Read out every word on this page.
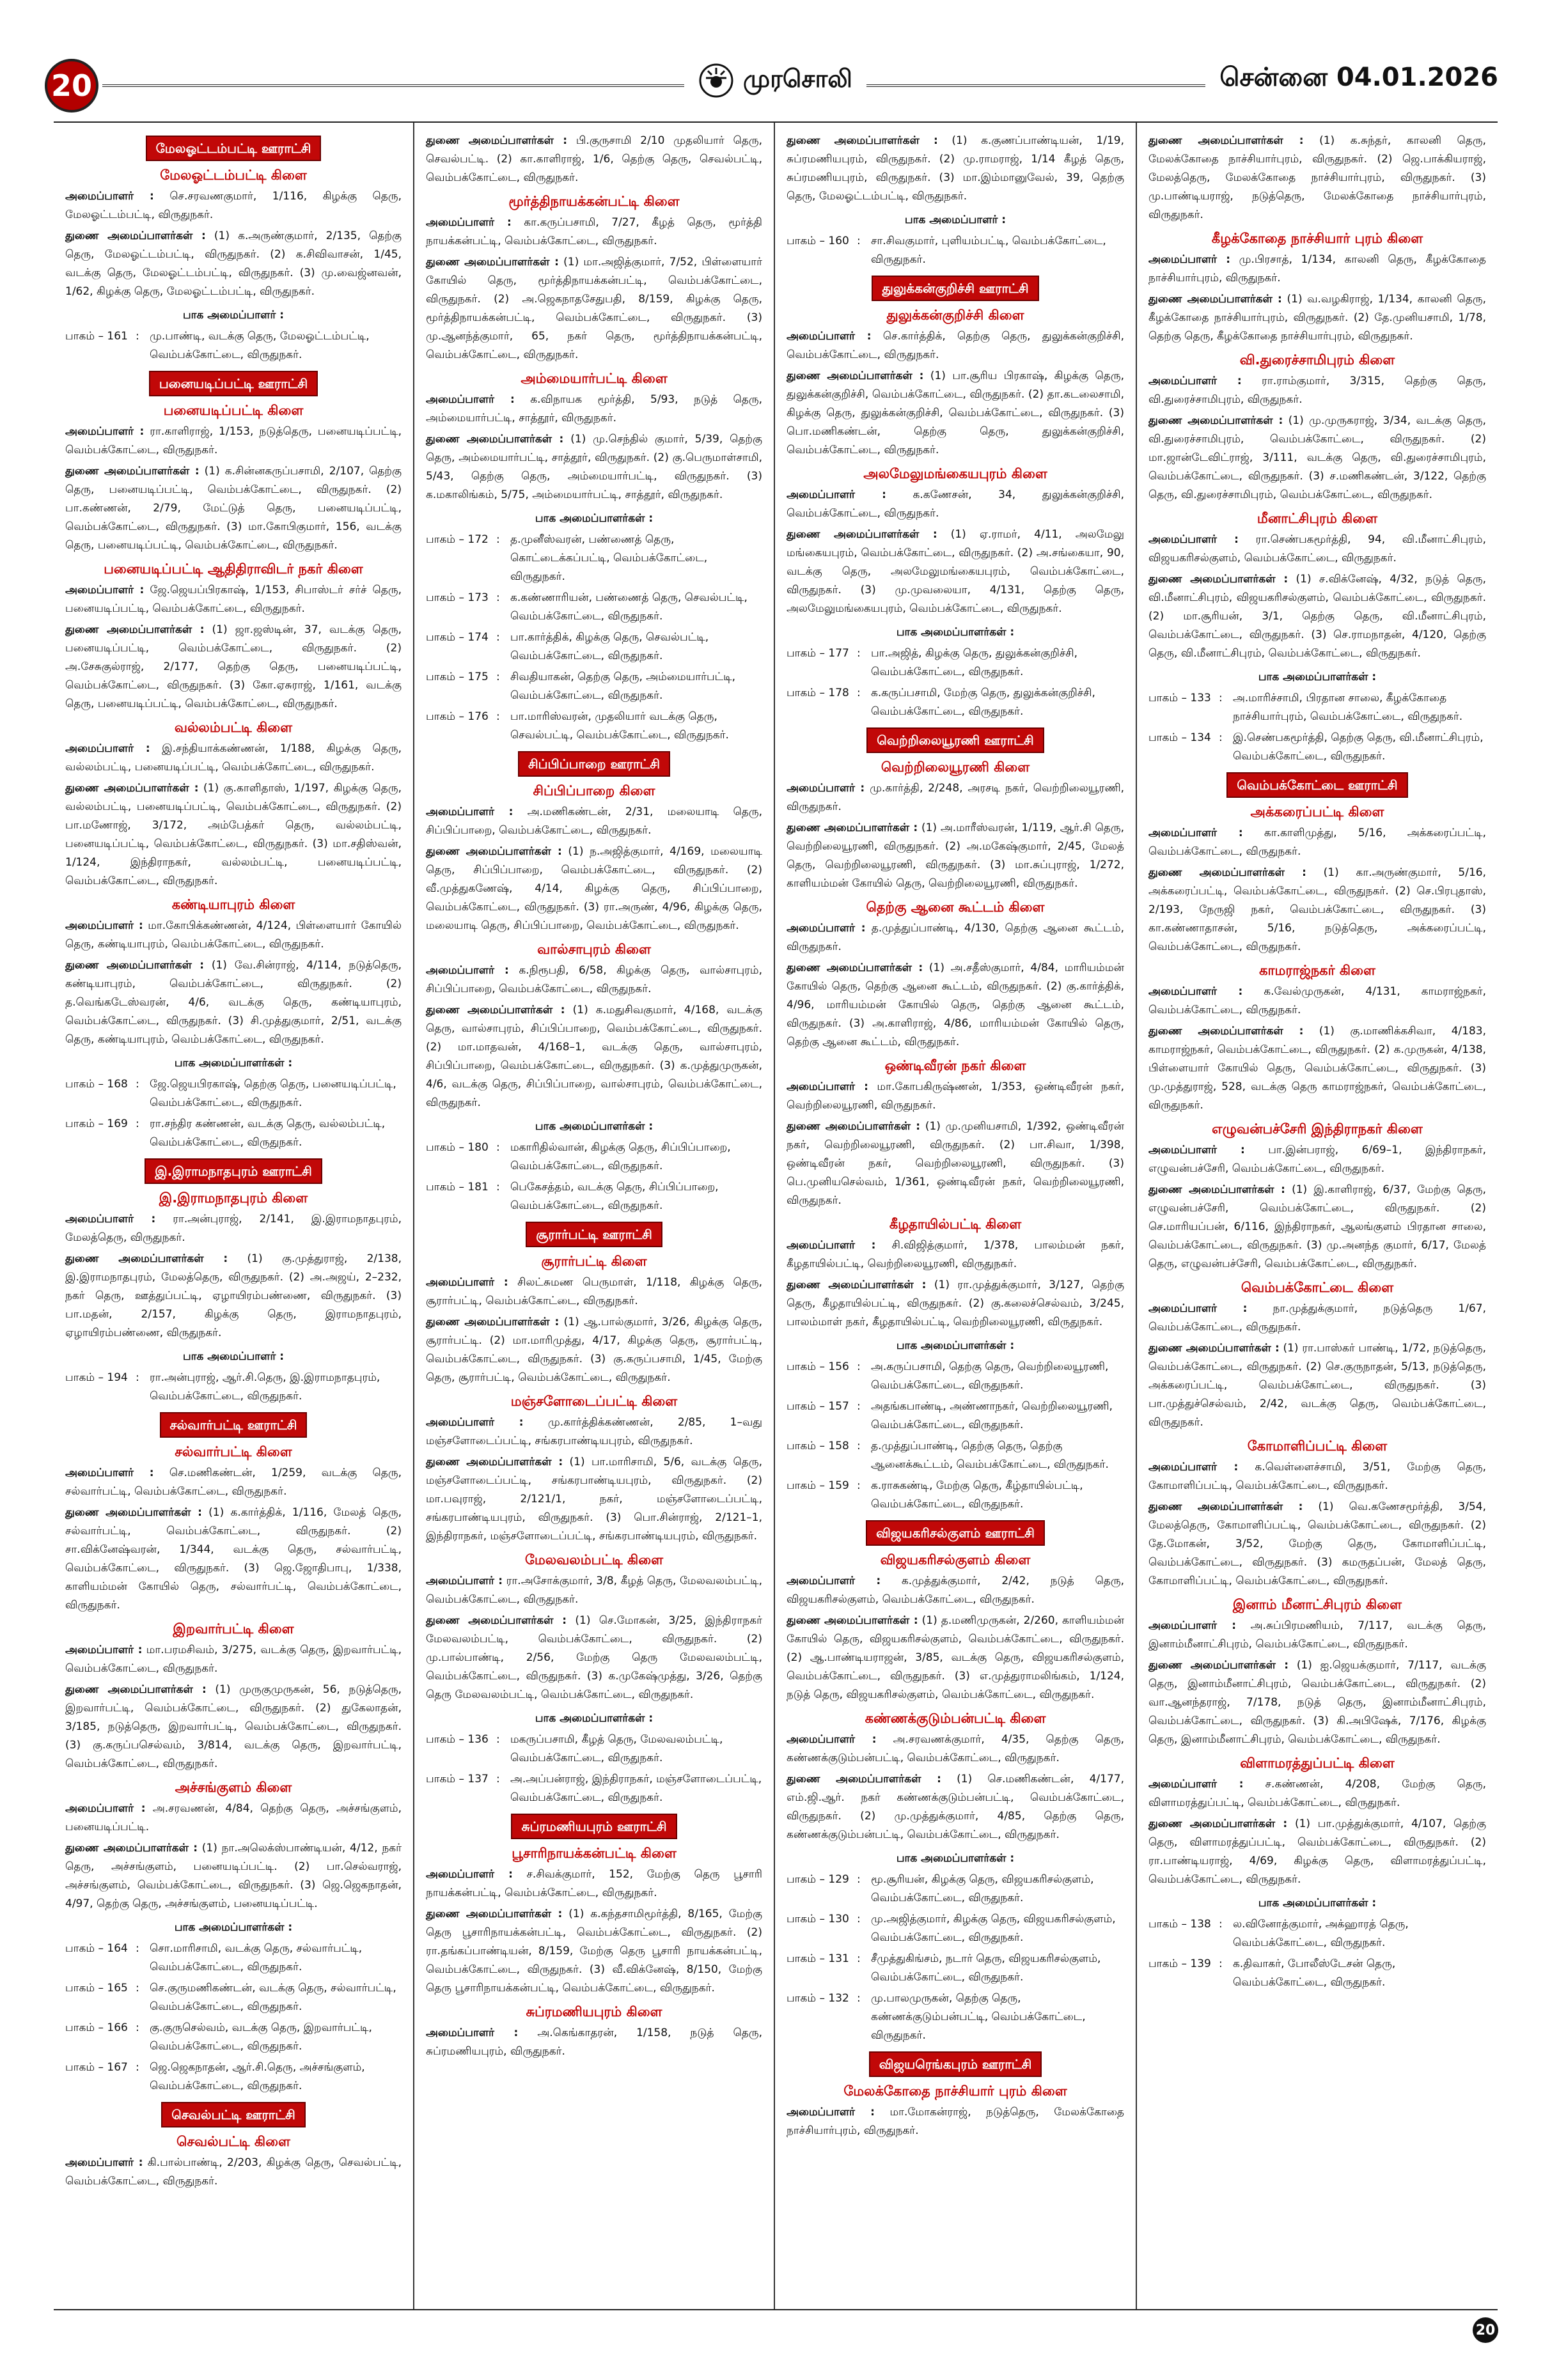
20	முரசொலி	சென்னை 04.01.2026
மேலஓட்டம்பட்டி ஊராட்சி
மேலஓட்டம்பட்டி கிளை
அமைப்பாளர் : செ.சரவணகுமார், 1/116, கிழக்கு தெரு, மேலஓட்டம்பட்டி, விருதுநகர்.
துணை அமைப்பாளர்கள் : (1) க.அருண்குமார், 2/135, தெற்கு தெரு, மேலஓட்டம்பட்டி, விருதுநகர். (2) க.சிவிவாசன், 1/45, வடக்கு தெரு, மேலஓட்டம்பட்டி, விருதுநகர். (3) மு.வைஜ்னவன், 1/62, கிழக்கு தெரு, மேலஓட்டம்பட்டி, விருதுநகர்.
பாக அமைப்பாளர் :
பாகம் – 161 : மு.பாண்டி, வடக்கு தெரு, மேலஓட்டம்பட்டி, வெம்பக்கோட்டை, விருதுநகர்.
பனையடிப்பட்டி ஊராட்சி
பனையடிப்பட்டி கிளை
அமைப்பாளர் : ரா.காளிராஜ், 1/153, நடுத்தெரு, பனையடிப்பட்டி, வெம்பக்கோட்டை, விருதுநகர்.
துணை அமைப்பாளர்கள் : (1) க.சின்னகருப்பசாமி, 2/107, தெற்கு தெரு, பனையடிப்பட்டி, வெம்பக்கோட்டை, விருதுநகர். (2) பா.கண்ணன், 2/79, மேட்டுத் தெரு, பனையடிப்பட்டி, வெம்பக்கோட்டை, விருதுநகர். (3) மா.கோபிகுமார், 156, வடக்கு தெரு, பனையடிப்பட்டி, வெம்பக்கோட்டை, விருதுநகர்.
பனையடிப்பட்டி ஆதிதிராவிடர் நகர் கிளை
அமைப்பாளர் : ஜே.ஜெயப்பிரகாஷ், 1/153, சிபாஸ்டர் சர்ச் தெரு, பனையடிப்பட்டி, வெம்பக்கோட்டை, விருதுநகர்.
துணை அமைப்பாளர்கள் : (1) ஜா.ஜஸ்டின், 37, வடக்கு தெரு, பனையடிப்பட்டி, வெம்பக்கோட்டை, விருதுநகர். (2) அ.சேசுகுல்ராஜ், 2/177, தெற்கு தெரு, பனையடிப்பட்டி, வெம்பக்கோட்டை, விருதுநகர். (3) கோ.ஏசுராஜ், 1/161, வடக்கு தெரு, பனையடிப்பட்டி, வெம்பக்கோட்டை, விருதுநகர்.
வல்லம்பட்டி கிளை
அமைப்பாளர் : இ.சந்தியாக்கண்ணன், 1/188, கிழக்கு தெரு, வல்லம்பட்டி, பனையடிப்பட்டி, வெம்பக்கோட்டை, விருதுநகர்.
துணை அமைப்பாளர்கள் : (1) கு.காளிதாஸ், 1/197, கிழக்கு தெரு, வல்லம்பட்டி, பனையடிப்பட்டி, வெம்பக்கோட்டை, விருதுநகர். (2) பா.மணோஜ், 3/172, அம்பேத்கர் தெரு, வல்லம்பட்டி, பனையடிப்பட்டி, வெம்பக்கோட்டை, விருதுநகர். (3) மா.சதிஸ்வன், 1/124, இந்திராநகர், வல்லம்பட்டி, பனையடிப்பட்டி, வெம்பக்கோட்டை, விருதுநகர்.
கண்டியாபுரம் கிளை
அமைப்பாளர் : மா.கோபிக்கண்ணன், 4/124, பிள்ளையார் கோயில் தெரு, கண்டியாபுரம், வெம்பக்கோட்டை, விருதுநகர்.
துணை அமைப்பாளர்கள் : (1) வே.சின்ராஜ், 4/114, நடுத்தெரு, கண்டியாபுரம், வெம்பக்கோட்டை, விருதுநகர். (2) த.வெங்கடேஸ்வரன், 4/6, வடக்கு தெரு, கண்டியாபுரம், வெம்பக்கோட்டை, விருதுநகர். (3) சி.முத்துகுமார், 2/51, வடக்கு தெரு, கண்டியாபுரம், வெம்பக்கோட்டை, விருதுநகர்.
பாக அமைப்பாளர்கள் :
பாகம் – 168 : ஜே.ஜெயபிரகாஷ், தெற்கு தெரு, பனையடிப்பட்டி, வெம்பக்கோட்டை, விருதுநகர்.
பாகம் – 169 : ரா.சந்திர கண்ணன், வடக்கு தெரு, வல்லம்பட்டி, வெம்பக்கோட்டை, விருதுநகர்.
இ.இராமநாதபுரம் ஊராட்சி
இ.இராமநாதபுரம் கிளை
அமைப்பாளர் : ரா.அன்புராஜ், 2/141, இ.இராமநாதபுரம், மேலத்தெரு, விருதுநகர்.
துணை அமைப்பாளர்கள் : (1) கு.முத்துராஜ், 2/138, இ.இராமநாதபுரம், மேலத்தெரு, விருதுநகர். (2) அ.அஜய், 2–232, நகர் தெரு, ஊத்துப்பட்டி, ஏழாயிரம்பண்ணை, விருதுநகர். (3) பா.மதன், 2/157, கிழக்கு தெரு, இராமநாதபுரம், ஏழாயிரம்பண்ணை, விருதுநகர்.
பாக அமைப்பாளர் :
பாகம் – 194 : ரா.அன்புராஜ், ஆர்.சி.தெரு, இ.இராமநாதபுரம், வெம்பக்கோட்டை, விருதுநகர்.
சல்வார்பட்டி ஊராட்சி
சல்வார்பட்டி கிளை
அமைப்பாளர் : செ.மணிகண்டன், 1/259, வடக்கு தெரு, சல்வார்பட்டி, வெம்பக்கோட்டை, விருதுநகர்.
துணை அமைப்பாளர்கள் : (1) க.கார்த்திக், 1/116, மேலத் தெரு, சல்வார்பட்டி, வெம்பக்கோட்டை, விருதுநகர். (2) சா.விக்னேஷ்வரன், 1/344, வடக்கு தெரு, சல்வார்பட்டி, வெம்பக்கோட்டை, விருதுநகர். (3) ஜெ.ஜோதிபாபு, 1/338, காளியம்மன் கோயில் தெரு, சல்வார்பட்டி, வெம்பக்கோட்டை, விருதுநகர்.
இறவார்பட்டி கிளை
அமைப்பாளர் : மா.பரமசிவம், 3/275, வடக்கு தெரு, இறவார்பட்டி, வெம்பக்கோட்டை, விருதுநகர்.
துணை அமைப்பாளர்கள் : (1) முருகுமுருகன், 56, நடுத்தெரு, இறவார்பட்டி, வெம்பக்கோட்டை, விருதுநகர். (2) துகேலாதன், 3/185, நடுத்தெரு, இறவார்பட்டி, வெம்பக்கோட்டை, விருதுநகர். (3) கு.கருப்பசெல்வம், 3/814, வடக்கு தெரு, இறவார்பட்டி, வெம்பக்கோட்டை, விருதுநகர்.
அச்சங்குளம் கிளை
அமைப்பாளர் : அ.சரவணன், 4/84, தெற்கு தெரு, அச்சங்குளம், பனையடிப்பட்டி.
துணை அமைப்பாளர்கள் : (1) நா.அலெக்ஸ்பாண்டியன், 4/12, நகர் தெரு, அச்சங்குளம், பனையடிப்பட்டி. (2) பா.செல்வராஜ், அச்சங்குளம், வெம்பக்கோட்டை, விருதுநகர். (3) ஜெ.ஜெகநாதன், 4/97, தெற்கு தெரு, அச்சங்குளம், பனையடிப்பட்டி.
பாக அமைப்பாளர்கள் :
பாகம் – 164 : சொ.மாரிசாமி, வடக்கு தெரு, சல்வார்பட்டி, வெம்பக்கோட்டை, விருதுநகர்.
பாகம் – 165 : செ.குருமணிகண்டன், வடக்கு தெரு, சல்வார்பட்டி, வெம்பக்கோட்டை, விருதுநகர்.
பாகம் – 166 : கு.குருசெல்வம், வடக்கு தெரு, இறவார்பட்டி, வெம்பக்கோட்டை, விருதுநகர்.
பாகம் – 167 : ஜெ.ஜெகநாதன், ஆர்.சி.தெரு, அச்சங்குளம், வெம்பக்கோட்டை, விருதுநகர்.
செவல்பட்டி ஊராட்சி
செவல்பட்டி கிளை
அமைப்பாளர் : கி.பால்பாண்டி, 2/203, கிழக்கு தெரு, செவல்பட்டி, வெம்பக்கோட்டை, விருதுநகர்.
துணை அமைப்பாளர்கள் : பி.குருசாமி 2/10 முதலியார் தெரு, செவல்பட்டி. (2) கா.காளிராஜ், 1/6, தெற்கு தெரு, செவல்பட்டி, வெம்பக்கோட்டை, விருதுநகர்.
மூர்த்திநாயக்கன்பட்டி கிளை
அமைப்பாளர் : கா.கருப்பசாமி, 7/27, கீழத் தெரு, மூர்த்தி நாயக்கன்பட்டி, வெம்பக்கோட்டை, விருதுநகர்.
துணை அமைப்பாளர்கள் : (1) மா.அஜித்குமார், 7/52, பிள்ளையார் கோயில் தெரு, மூர்த்திநாயக்கன்பட்டி, வெம்பக்கோட்டை, விருதுநகர். (2) அ.ஜெகநாதசேதுபதி, 8/159, கிழக்கு தெரு, மூர்த்திநாயக்கன்பட்டி, வெம்பக்கோட்டை, விருதுநகர். (3) மு.ஆனந்த்குமார், 65, நகர் தெரு, மூர்த்திநாயக்கன்பட்டி, வெம்பக்கோட்டை, விருதுநகர்.
அம்மையார்பட்டி கிளை
அமைப்பாளர் : க.விநாயக மூர்த்தி, 5/93, நடுத் தெரு, அம்மையார்பட்டி, சாத்தூர், விருதுநகர்.
துணை அமைப்பாளர்கள் : (1) மு.செந்தில் குமார், 5/39, தெற்கு தெரு, அம்மையார்பட்டி, சாத்தூர், விருதுநகர். (2) கு.பெருமாள்சாமி, 5/43, தெற்கு தெரு, அம்மையார்பட்டி, விருதுநகர். (3) க.மகாலிங்கம், 5/75, அம்மையார்பட்டி, சாத்தூர், விருதுநகர்.
பாக அமைப்பாளர்கள் :
பாகம் – 172 : த.முனீஸ்வரன், பண்ணைத் தெரு, கொட்டைக்கப்பட்டி, வெம்பக்கோட்டை, விருதுநகர்.
பாகம் – 173 : க.கண்ணாரியன், பண்ணைத் தெரு, செவல்பட்டி, வெம்பக்கோட்டை, விருதுநகர்.
பாகம் – 174 : பா.கார்த்திக், கிழக்கு தெரு, செவல்பட்டி, வெம்பக்கோட்டை, விருதுநகர்.
பாகம் – 175 : சிவதியாகன், தெற்கு தெரு, அம்மையார்பட்டி, வெம்பக்கோட்டை, விருதுநகர்.
பாகம் – 176 : பா.மாரிஸ்வரன், முதலியார் வடக்கு தெரு, செவல்பட்டி, வெம்பக்கோட்டை, விருதுநகர்.
சிப்பிப்பாறை ஊராட்சி
சிப்பிப்பாறை கிளை
அமைப்பாளர் : அ.மணிகண்டன், 2/31, மலையாடி தெரு, சிப்பிப்பாறை, வெம்பக்கோட்டை, விருதுநகர்.
துணை அமைப்பாளர்கள் : (1) ந.அஜித்குமார், 4/169, மலையாடி தெரு, சிப்பிப்பாறை, வெம்பக்கோட்டை, விருதுநகர். (2) வீ.முத்துகணேஷ், 4/14, கிழக்கு தெரு, சிப்பிப்பாறை, வெம்பக்கோட்டை, விருதுநகர். (3) ரா.அருண், 4/96, கிழக்கு தெரு, மலையாடி தெரு, சிப்பிப்பாறை, வெம்பக்கோட்டை, விருதுநகர்.
வால்சாபுரம் கிளை
அமைப்பாளர் : க.நிரூபதி, 6/58, கிழக்கு தெரு, வால்சாபுரம், சிப்பிப்பாறை, வெம்பக்கோட்டை, விருதுநகர்.
துணை அமைப்பாளர்கள் : (1) க.மதுசிவகுமார், 4/168, வடக்கு தெரு, வால்சாபுரம், சிப்பிப்பாறை, வெம்பக்கோட்டை, விருதுநகர். (2) மா.மாதவன், 4/168–1, வடக்கு தெரு, வால்சாபுரம், சிப்பிப்பாறை, வெம்பக்கோட்டை, விருதுநகர். (3) க.முத்துமுருகன், 4/6, வடக்கு தெரு, சிப்பிப்பாறை, வால்சாபுரம், வெம்பக்கோட்டை, விருதுநகர்.
பாக அமைப்பாளர்கள் :
பாகம் – 180 : மகாரிதில்வான், கிழக்கு தெரு, சிப்பிப்பாறை, வெம்பக்கோட்டை, விருதுநகர்.
பாகம் – 181 : பெகேசத்தம், வடக்கு தெரு, சிப்பிப்பாறை, வெம்பக்கோட்டை, விருதுநகர்.
சூரார்பட்டி ஊராட்சி
சூரார்பட்டி கிளை
அமைப்பாளர் : சிலட்சுமண பெருமாள், 1/118, கிழக்கு தெரு, சூரார்பட்டி, வெம்பக்கோட்டை, விருதுநகர்.
துணை அமைப்பாளர்கள் : (1) ஆ.பால்குமார், 3/26, கிழக்கு தெரு, சூரார்பட்டி. (2) மா.மாரிமுத்து, 4/17, கிழக்கு தெரு, சூரார்பட்டி, வெம்பக்கோட்டை, விருதுநகர். (3) கு.கருப்பசாமி, 1/45, மேற்கு தெரு, சூரார்பட்டி, வெம்பக்கோட்டை, விருதுநகர்.
மஞ்சளோடைப்பட்டி கிளை
அமைப்பாளர் : மு.கார்த்திக்கண்ணன், 2/85, 1–வது மஞ்சளோடைப்பட்டி, சங்கரபாண்டியபுரம், விருதுநகர்.
துணை அமைப்பாளர்கள் : (1) பா.மாரிசாமி, 5/6, வடக்கு தெரு, மஞ்சளோடைப்பட்டி, சங்கரபாண்டியபுரம், விருதுநகர். (2) மா.பவுராஜ், 2/121/1, நகர், மஞ்சளோடைப்பட்டி, சங்கரபாண்டியபுரம், விருதுநகர். (3) பொ.சின்ராஜ், 2/121–1, இந்திராநகர், மஞ்சளோடைப்பட்டி, சங்கரபாண்டியபுரம், விருதுநகர்.
மேலவலம்பட்டி கிளை
அமைப்பாளர் : ரா.அசோக்குமார், 3/8, கீழத் தெரு, மேலவலம்பட்டி, வெம்பக்கோட்டை, விருதுநகர்.
துணை அமைப்பாளர்கள் : (1) செ.மோகன், 3/25, இந்திராநகர் மேலவலம்பட்டி, வெம்பக்கோட்டை, விருதுநகர். (2) மு.பால்பாண்டி, 2/56, மேற்கு தெரு மேலவலம்பட்டி, வெம்பக்கோட்டை, விருதுநகர். (3) க.முகேஷ்முத்து, 3/26, தெற்கு தெரு மேலவலம்பட்டி, வெம்பக்கோட்டை, விருதுநகர்.
பாக அமைப்பாளர்கள் :
பாகம் – 136 : மகருப்பசாமி, கீழத் தெரு, மேலவலம்பட்டி, வெம்பக்கோட்டை, விருதுநகர்.
பாகம் – 137 : அ.அப்பன்ராஜ், இந்திராநகர், மஞ்சளோடைப்பட்டி, வெம்பக்கோட்டை, விருதுநகர்.
சுப்ரமணியபுரம் ஊராட்சி
பூசாரிநாயக்கன்பட்டி கிளை
அமைப்பாளர் : ச.சிவக்குமார், 152, மேற்கு தெரு பூசாரி நாயக்கன்பட்டி, வெம்பக்கோட்டை, விருதுநகர்.
துணை அமைப்பாளர்கள் : (1) க.கந்தசாமிமூர்த்தி, 8/165, மேற்கு தெரு பூசாரிநாயக்கன்பட்டி, வெம்பக்கோட்டை, விருதுநகர். (2) ரா.தங்கப்பாண்டியன், 8/159, மேற்கு தெரு பூசாரி நாயக்கன்பட்டி, வெம்பக்கோட்டை, விருதுநகர். (3) வீ.விக்னேஷ், 8/150, மேற்கு தெரு பூசாரிநாயக்கன்பட்டி, வெம்பக்கோட்டை, விருதுநகர்.
சுப்ரமணியபுரம் கிளை
அமைப்பாளர் : அ.கெங்காதரன், 1/158, நடுத் தெரு, சுப்ரமணியபுரம், விருதுநகர்.
துணை அமைப்பாளர்கள் : (1) க.குணப்பாண்டியன், 1/19, சுப்ரமணியபுரம், விருதுநகர். (2) மு.ராமராஜ், 1/14 கீழத் தெரு, சுப்ரமணியபுரம், விருதுநகர். (3) மா.இம்மானுவேல், 39, தெற்கு தெரு, மேலஓட்டம்பட்டி, விருதுநகர்.
பாக அமைப்பாளர் :
பாகம் – 160 : சா.சிவகுமார், புளியம்பட்டி, வெம்பக்கோட்டை, விருதுநகர்.
துலுக்கன்குறிச்சி ஊராட்சி
துலுக்கன்குறிச்சி கிளை
அமைப்பாளர் : செ.கார்த்திக், தெற்கு தெரு, துலுக்கன்குறிச்சி, வெம்பக்கோட்டை, விருதுநகர்.
துணை அமைப்பாளர்கள் : (1) பா.சூரிய பிரகாஷ், கிழக்கு தெரு, துலுக்கன்குறிச்சி, வெம்பக்கோட்டை, விருதுநகர். (2) தா.கடலைசாமி, கிழக்கு தெரு, துலுக்கன்குறிச்சி, வெம்பக்கோட்டை, விருதுநகர். (3) பொ.மணிகண்டன், தெற்கு தெரு, துலுக்கன்குறிச்சி, வெம்பக்கோட்டை, விருதுநகர்.
அலமேலுமங்கையபுரம் கிளை
அமைப்பாளர் : க.கணேசன், 34, துலுக்கன்குறிச்சி, வெம்பக்கோட்டை, விருதுநகர்.
துணை அமைப்பாளர்கள் : (1) ஏ.ராமர், 4/11, அலமேலு மங்கையபுரம், வெம்பக்கோட்டை, விருதுநகர். (2) அ.சங்கையா, 90, வடக்கு தெரு, அலமேலுமங்கையபுரம், வெம்பக்கோட்டை, விருதுநகர். (3) மு.முவலையா, 4/131, தெற்கு தெரு, அலமேலுமங்கையபுரம், வெம்பக்கோட்டை, விருதுநகர்.
பாக அமைப்பாளர்கள் :
பாகம் – 177 : பா.அஜித், கிழக்கு தெரு, துலுக்கன்குறிச்சி, வெம்பக்கோட்டை, விருதுநகர்.
பாகம் – 178 : க.கருப்பசாமி, மேற்கு தெரு, துலுக்கன்குறிச்சி, வெம்பக்கோட்டை, விருதுநகர்.
வெற்றிலையூரணி ஊராட்சி
வெற்றிலையூரணி கிளை
அமைப்பாளர் : மு.கார்த்தி, 2/248, அரசடி நகர், வெற்றிலையூரணி, விருதுநகர்.
துணை அமைப்பாளர்கள் : (1) அ.மாரீஸ்வரன், 1/119, ஆர்.சி தெரு, வெற்றிலையூரணி, விருதுநகர். (2) அ.மகேஷ்குமார், 2/45, மேலத் தெரு, வெற்றிலையூரணி, விருதுநகர். (3) மா.சுப்புராஜ், 1/272, காளியம்மன் கோயில் தெரு, வெற்றிலையூரணி, விருதுநகர்.
தெற்கு ஆனை கூட்டம் கிளை
அமைப்பாளர் : த.முத்துப்பாண்டி, 4/130, தெற்கு ஆனை கூட்டம், விருதுநகர்.
துணை அமைப்பாளர்கள் : (1) அ.சதீஸ்குமார், 4/84, மாரியம்மன் கோயில் தெரு, தெற்கு ஆனை கூட்டம், விருதுநகர். (2) கு.கார்த்திக், 4/96, மாரியம்மன் கோயில் தெரு, தெற்கு ஆனை கூட்டம், விருதுநகர். (3) அ.காளிராஜ், 4/86, மாரியம்மன் கோயில் தெரு, தெற்கு ஆனை கூட்டம், விருதுநகர்.
ஒண்டிவீரன் நகர் கிளை
அமைப்பாளர் : மா.கோபகிருஷ்ணன், 1/353, ஒண்டிவீரன் நகர், வெற்றிலையூரணி, விருதுநகர்.
துணை அமைப்பாளர்கள் : (1) மு.முனியசாமி, 1/392, ஒண்டிவீரன் நகர், வெற்றிலையூரணி, விருதுநகர். (2) பா.சிவா, 1/398, ஒண்டிவீரன் நகர், வெற்றிலையூரணி, விருதுநகர். (3) பெ.முனியசெல்வம், 1/361, ஒண்டிவீரன் நகர், வெற்றிலையூரணி, விருதுநகர்.
கீழதாயில்பட்டி கிளை
அமைப்பாளர் : சி.விஜித்குமார், 1/378, பாலம்மன் நகர், கீழதாயில்பட்டி, வெற்றிலையூரணி, விருதுநகர்.
துணை அமைப்பாளர்கள் : (1) ரா.முத்துக்குமார், 3/127, தெற்கு தெரு, கீழதாயில்பட்டி, விருதுநகர். (2) கு.கலைச்செல்வம், 3/245, பாலம்மாள் நகர், கீழதாயில்பட்டி, வெற்றிலையூரணி, விருதுநகர்.
பாக அமைப்பாளர்கள் :
பாகம் – 156 : அ.கருப்பசாமி, தெற்கு தெரு, வெற்றிலையூரணி, வெம்பக்கோட்டை, விருதுநகர்.
பாகம் – 157 : அதங்கபாண்டி, அண்ணாநகர், வெற்றிலையூரணி, வெம்பக்கோட்டை, விருதுநகர்.
பாகம் – 158 : த.முத்துப்பாண்டி, தெற்கு தெரு, தெற்கு ஆனைக்கூட்டம், வெம்பக்கோட்டை, விருதுநகர்.
பாகம் – 159 : க.ராசுகண்டி, மேற்கு தெரு, கீழ்தாயில்பட்டி, வெம்பக்கோட்டை, விருதுநகர்.
விஜயகரிசல்குளம் ஊராட்சி
விஜயகரிசல்குளம் கிளை
அமைப்பாளர் : க.முத்துக்குமார், 2/42, நடுத் தெரு, விஜயகரிசல்குளம், வெம்பக்கோட்டை, விருதுநகர்.
துணை அமைப்பாளர்கள் : (1) த.மணிமுருகன், 2/260, காளியம்மன் கோயில் தெரு, விஜயகரிசல்குளம், வெம்பக்கோட்டை, விருதுநகர். (2) ஆ.பாண்டியராஜன், 3/85, வடக்கு தெரு, விஜயகரிசல்குளம், வெம்பக்கோட்டை, விருதுநகர். (3) எ.முத்துராமலிங்கம், 1/124, நடுத் தெரு, விஜயகரிசல்குளம், வெம்பக்கோட்டை, விருதுநகர்.
கண்ணக்குடும்பன்பட்டி கிளை
அமைப்பாளர் : அ.சரவணக்குமார், 4/35, தெற்கு தெரு, கண்ணக்குடும்பன்பட்டி, வெம்பக்கோட்டை, விருதுநகர்.
துணை அமைப்பாளர்கள் : (1) செ.மணிகண்டன், 4/177, எம்.ஜி.ஆர். நகர் கண்ணக்குடும்பன்பட்டி, வெம்பக்கோட்டை, விருதுநகர். (2) மு.முத்துக்குமார், 4/85, தெற்கு தெரு, கண்ணக்குடும்பன்பட்டி, வெம்பக்கோட்டை, விருதுநகர்.
பாக அமைப்பாளர்கள் :
பாகம் – 129 : மூ.சூரியன், கிழக்கு தெரு, விஜயகரிசல்குளம், வெம்பக்கோட்டை, விருதுநகர்.
பாகம் – 130 : மு.அஜித்குமார், கிழக்கு தெரு, விஜயகரிசல்குளம், வெம்பக்கோட்டை, விருதுநகர்.
பாகம் – 131 : சீமுத்துகிங்சம், நடார் தெரு, விஜயகரிசல்குளம், வெம்பக்கோட்டை, விருதுநகர்.
பாகம் – 132 : மு.பாலமுருகன், தெற்கு தெரு, கண்ணக்குடும்பன்பட்டி, வெம்பக்கோட்டை, விருதுநகர்.
விஜயரெங்கபுரம் ஊராட்சி
மேலக்கோதை நாச்சியார் புரம் கிளை
அமைப்பாளர் : மா.மோகன்ராஜ், நடுத்தெரு, மேலக்கோதை நாச்சியார்புரம், விருதுநகர்.
துணை அமைப்பாளர்கள் : (1) க.சுந்தர், காலனி தெரு, மேலக்கோதை நாச்சியார்புரம், விருதுநகர். (2) ஜெ.பாக்கியராஜ், மேலத்தெரு, மேலக்கோதை நாச்சியார்புரம், விருதுநகர். (3) மு.பாண்டியராஜ், நடுத்தெரு, மேலக்கோதை நாச்சியார்புரம், விருதுநகர்.
கீழக்கோதை நாச்சியார் புரம் கிளை
அமைப்பாளர் : மு.பிரசாத், 1/134, காலனி தெரு, கீழக்கோதை நாச்சியார்புரம், விருதுநகர்.
துணை அமைப்பாளர்கள் : (1) வ.வழகிராஜ், 1/134, காலனி தெரு, கீழக்கோதை நாச்சியார்புரம், விருதுநகர். (2) தே.முனியசாமி, 1/78, தெற்கு தெரு, கீழக்கோதை நாச்சியார்புரம், விருதுநகர்.
வி.துரைச்சாமிபுரம் கிளை
அமைப்பாளர் : ரா.ராம்குமார், 3/315, தெற்கு தெரு, வி.துரைச்சாமிபுரம், விருதுநகர்.
துணை அமைப்பாளர்கள் : (1) மு.முருகராஜ், 3/34, வடக்கு தெரு, வி.துரைச்சாமிபுரம், வெம்பக்கோட்டை, விருதுநகர். (2) மா.ஜான்டேவிட்ராஜ், 3/111, வடக்கு தெரு, வி.துரைச்சாமிபுரம், வெம்பக்கோட்டை, விருதுநகர். (3) ச.மணிகண்டன், 3/122, தெற்கு தெரு, வி.துரைச்சாமிபுரம், வெம்பக்கோட்டை, விருதுநகர்.
மீனாட்சிபுரம் கிளை
அமைப்பாளர் : ரா.செண்பகமூர்த்தி, 94, வி.மீனாட்சிபுரம், விஜயகரிசல்குளம், வெம்பக்கோட்டை, விருதுநகர்.
துணை அமைப்பாளர்கள் : (1) ச.விக்னேஷ், 4/32, நடுத் தெரு, வி.மீனாட்சிபுரம், விஜயகரிசல்குளம், வெம்பக்கோட்டை, விருதுநகர். (2) மா.சூரியன், 3/1, தெற்கு தெரு, வி.மீனாட்சிபுரம், வெம்பக்கோட்டை, விருதுநகர். (3) செ.ராமநாதன், 4/120, தெற்கு தெரு, வி.மீனாட்சிபுரம், வெம்பக்கோட்டை, விருதுநகர்.
பாக அமைப்பாளர்கள் :
பாகம் – 133 : அ.மாரிச்சாமி, பிரதான சாலை, கீழக்கோதை நாச்சியார்புரம், வெம்பக்கோட்டை, விருதுநகர்.
பாகம் – 134 : இ.செண்பகமூர்த்தி, தெற்கு தெரு, வி.மீனாட்சிபுரம், வெம்பக்கோட்டை, விருதுநகர்.
வெம்பக்கோட்டை ஊராட்சி
அக்கரைப்பட்டி கிளை
அமைப்பாளர் : கா.காளிமுத்து, 5/16, அக்கரைப்பட்டி, வெம்பக்கோட்டை, விருதுநகர்.
துணை அமைப்பாளர்கள் : (1) கா.அருண்குமார், 5/16, அக்கரைப்பட்டி, வெம்பக்கோட்டை, விருதுநகர். (2) செ.பிரபுதாஸ், 2/193, நேருஜி நகர், வெம்பக்கோட்டை, விருதுநகர். (3) கா.கண்ணாதாசன், 5/16, நடுத்தெரு, அக்கரைப்பட்டி, வெம்பக்கோட்டை, விருதுநகர்.
காமராஜ்நகர் கிளை
அமைப்பாளர் : க.வேல்முருகன், 4/131, காமராஜ்நகர், வெம்பக்கோட்டை, விருதுநகர்.
துணை அமைப்பாளர்கள் : (1) கு.மாணிக்கசிவா, 4/183, காமராஜ்நகர், வெம்பக்கோட்டை, விருதுநகர். (2) க.முருகன், 4/138, பிள்ளையார் கோயில் தெரு, வெம்பக்கோட்டை, விருதுநகர். (3) மு.முத்துராஜ், 528, வடக்கு தெரு காமராஜ்நகர், வெம்பக்கோட்டை, விருதுநகர்.
எழுவன்பச்சேரி இந்திராநகர் கிளை
அமைப்பாளர் : பா.இன்பராஜ், 6/69–1, இந்திராநகர், எழுவன்பச்சேரி, வெம்பக்கோட்டை, விருதுநகர்.
துணை அமைப்பாளர்கள் : (1) இ.காளிராஜ், 6/37, மேற்கு தெரு, எழுவன்பச்சேரி, வெம்பக்கோட்டை, விருதுநகர். (2) செ.மாரியப்பன், 6/116, இந்திராநகர், ஆலங்குளம் பிரதான சாலை, வெம்பக்கோட்டை, விருதுநகர். (3) மு.அனந்த குமார், 6/17, மேலத் தெரு, எழுவன்பச்சேரி, வெம்பக்கோட்டை, விருதுநகர்.
வெம்பக்கோட்டை கிளை
அமைப்பாளர் : நா.முத்துக்குமார், நடுத்தெரு 1/67, வெம்பக்கோட்டை, விருதுநகர்.
துணை அமைப்பாளர்கள் : (1) ரா.பாஸ்கர் பாண்டி, 1/72, நடுத்தெரு, வெம்பக்கோட்டை, விருதுநகர். (2) செ.குருநாதன், 5/13, நடுத்தெரு, அக்கரைப்பட்டி, வெம்பக்கோட்டை, விருதுநகர். (3) பா.முத்துச்செல்வம், 2/42, வடக்கு தெரு, வெம்பக்கோட்டை, விருதுநகர்.
கோமாளிப்பட்டி கிளை
அமைப்பாளர் : க.வெள்ளைச்சாமி, 3/51, மேற்கு தெரு, கோமாளிப்பட்டி, வெம்பக்கோட்டை, விருதுநகர்.
துணை அமைப்பாளர்கள் : (1) வெ.கணேசமூர்த்தி, 3/54, மேலத்தெரு, கோமாளிப்பட்டி, வெம்பக்கோட்டை, விருதுநகர். (2) தே.மோகன், 3/52, மேற்கு தெரு, கோமாளிப்பட்டி, வெம்பக்கோட்டை, விருதுநகர். (3) கமருதப்பன், மேலத் தெரு, கோமாளிப்பட்டி, வெம்பக்கோட்டை, விருதுநகர்.
இனாம் மீனாட்சிபுரம் கிளை
அமைப்பாளர் : அ.சுப்பிரமணியம், 7/117, வடக்கு தெரு, இனாம்மீனாட்சிபுரம், வெம்பக்கோட்டை, விருதுநகர்.
துணை அமைப்பாளர்கள் : (1) ஐ.ஜெயக்குமார், 7/117, வடக்கு தெரு, இனாம்மீனாட்சிபுரம், வெம்பக்கோட்டை, விருதுநகர். (2) வா.ஆனந்தராஜ், 7/178, நடுத் தெரு, இனாம்மீனாட்சிபுரம், வெம்பக்கோட்டை, விருதுநகர். (3) கி.அபிஷேக், 7/176, கிழக்கு தெரு, இனாம்மீனாட்சிபுரம், வெம்பக்கோட்டை, விருதுநகர்.
விளாமரத்துப்பட்டி கிளை
அமைப்பாளர் : ச.கண்ணன், 4/208, மேற்கு தெரு, விளாமரத்துப்பட்டி, வெம்பக்கோட்டை, விருதுநகர்.
துணை அமைப்பாளர்கள் : (1) பா.முத்துக்குமார், 4/107, தெற்கு தெரு, விளாமரத்துப்பட்டி, வெம்பக்கோட்டை, விருதுநகர். (2) ரா.பாண்டியராஜ், 4/69, கிழக்கு தெரு, விளாமரத்துப்பட்டி, வெம்பக்கோட்டை, விருதுநகர்.
பாக அமைப்பாளர்கள் :
பாகம் – 138 : ல.வினோத்குமார், அக்ஹாரத் தெரு, வெம்பக்கோட்டை, விருதுநகர்.
பாகம் – 139 : க.திவாகர், போலீஸ்டேசன் தெரு, வெம்பக்கோட்டை, விருதுநகர்.
20
